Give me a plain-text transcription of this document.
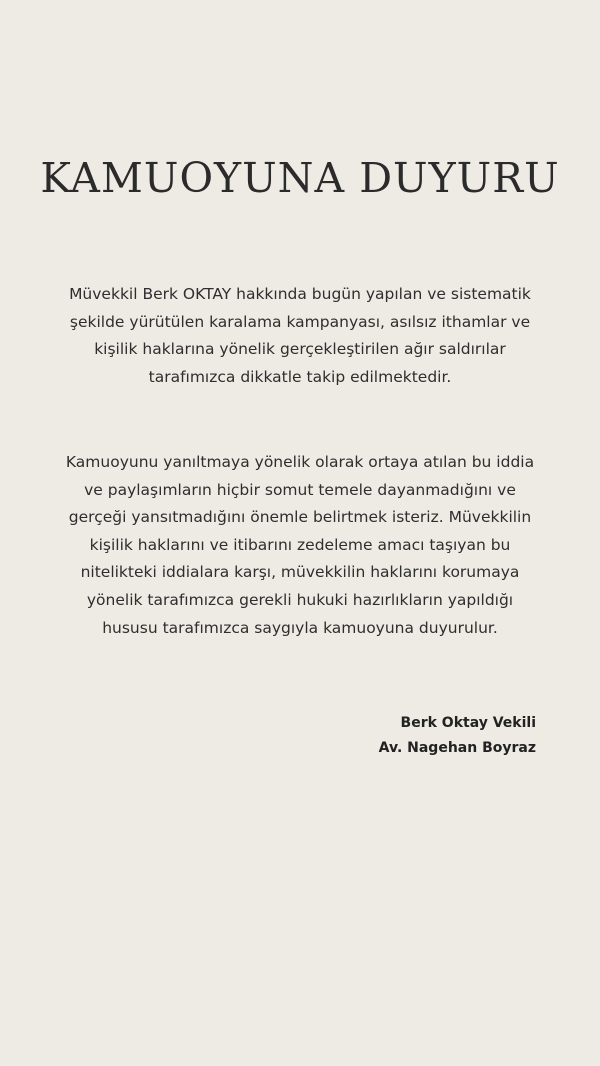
KAMUOYUNA DUYURU

Müvekkil Berk OKTAY hakkında bugün yapılan ve sistematik şekilde yürütülen karalama kampanyası, asılsız ithamlar ve kişilik haklarına yönelik gerçekleştirilen ağır saldırılar tarafımızca dikkatle takip edilmektedir.

Kamuoyunu yanıltmaya yönelik olarak ortaya atılan bu iddia ve paylaşımların hiçbir somut temele dayanmadığını ve gerçeği yansıtmadığını önemle belirtmek isteriz. Müvekkilin kişilik haklarını ve itibarını zedeleme amacı taşıyan bu nitelikteki iddialara karşı, müvekkilin haklarını korumaya yönelik tarafımızca gerekli hukuki hazırlıkların yapıldığı hususu tarafımızca saygıyla kamuoyuna duyurulur.

Berk Oktay Vekili
Av. Nagehan Boyraz
